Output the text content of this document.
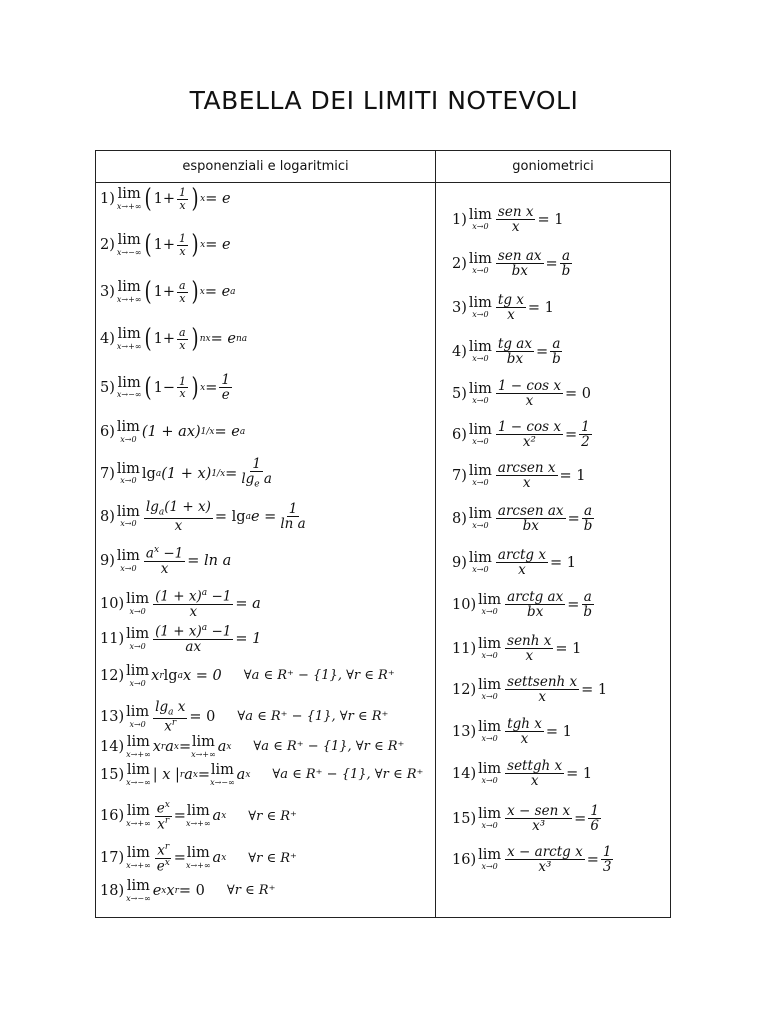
TABELLA DEI LIMITI NOTEVOLI
esponenziali e logaritmici	goniometrici
1) lim
x→+∞ ( $1+ \frac{1}{x}$ ) x = e
2) lim
x→−∞ ( $1+ \frac{1}{x}$ ) x = e
3) lim
x→+∞ ( $1+ \frac{a}{x}$ ) x = e a
4) lim
x→+∞ ( $1+ \frac{a}{x}$ ) nx = e na
5) lim
x→−∞ ( $1- \frac{1}{x}$ ) $x = \frac{1}{e}$
6) lim
x→0 (1 + ax) 1/x = e a
7) lim
x→0 lg a (1 + x) $1/x = \frac{1}{\lg_e a}$
8) lim
$x\to 0 \frac{\lg_a(1 + x)}{x} = \lg a$ $e = \frac{1}{\text{ln a}}$
9) lim
$x\to 0 \frac{a^x -1}{x} = \ln a$
10) lim
$x\to 0 \frac{(1 + x)^a -1}{x} = a$
11) lim
$x\to 0 \frac{(1 + x)^a -1}{ax} = 1$
12) lim
x→0 x r lg a x = 0 ∀a ∈ R⁺ − {1}, ∀r ∈ R⁺
13) lim
$x\to 0 \frac{\lg_a x}{x^r} = 0$ ∀a ∈ R⁺ − {1}, ∀r ∈ R⁺
14) lim
x→+∞ x r a x = lim
x→+∞ a x ∀a ∈ R⁺ − {1}, ∀r ∈ R⁺
15) lim
x→−∞ | x | r a x = lim
x→−∞ a x ∀a ∈ R⁺ − {1}, ∀r ∈ R⁺
16) lim
$x\to+\infty \frac{e^x}{x^r} = \lim$
x→+∞ a x ∀r ∈ R⁺
17) lim
$x\to+\infty \frac{x^r}{e^x} = \lim$
x→+∞ a x ∀r ∈ R⁺
18) lim
x→−∞ e x x r = 0 ∀r ∈ R⁺
1) lim
x→0
sen x
x = 1
2) lim
x→0
sen ax
bx = $\frac{a}{b}$
3) lim
$x\to 0 \frac{\text{tg x}}{x} = 1$
4) lim
$x\to 0 \frac{\text{tg ax}}{bx} = \frac{a}{b}$
5) lim
$x\to 0 \frac{\text{1 − cos x}}{x} = 0$
6) lim
$x\to 0 \frac{\text{1 − cos x}}{\text{x²}} = \frac{1}{2}$
7) lim
x→0
arcsen x
x = 1
8) lim
x→0
arcsen ax
bx = $\frac{a}{b}$
9) lim
x→0
arctg x
x = 1
10) lim
x→0
arctg ax
bx = $\frac{a}{b}$
11) lim
x→0
senh x
x = 1
12) lim
x→0
settsenh x
x = 1
13) lim
x→0
tgh x
x = 1
14) lim
x→0
settgh x
x = 1
15) lim
x→0
x − sen x
$x^3 = \frac{1}{6}$
16) lim
x→0
x − arctg x
$x^3 = \frac{1}{3}$
